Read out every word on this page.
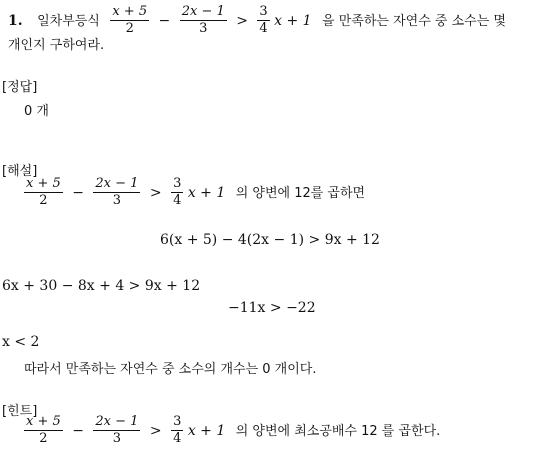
1. 일차부등식 $\frac{x + 5}{2} - \frac{2x - 1}{3} > \frac{3}{4}$ x + 1 을 만족하는 자연수 중 소수는 몇
개인지 구하여라.
[정답]
0 개
[해설]
$\frac{x + 5}{2} - \frac{2x - 1}{3} > \frac{3}{4}$ x + 1 의 양변에 12를 곱하면
6(x + 5) − 4(2x − 1) > 9x + 12
6x + 30 − 8x + 4 > 9x + 12
−11x > −22
x < 2
따라서 만족하는 자연수 중 소수의 개수는 0 개이다.
[힌트]
$\frac{x + 5}{2} - \frac{2x - 1}{3} > \frac{3}{4}$ x + 1 의 양변에 최소공배수 12 를 곱한다.
